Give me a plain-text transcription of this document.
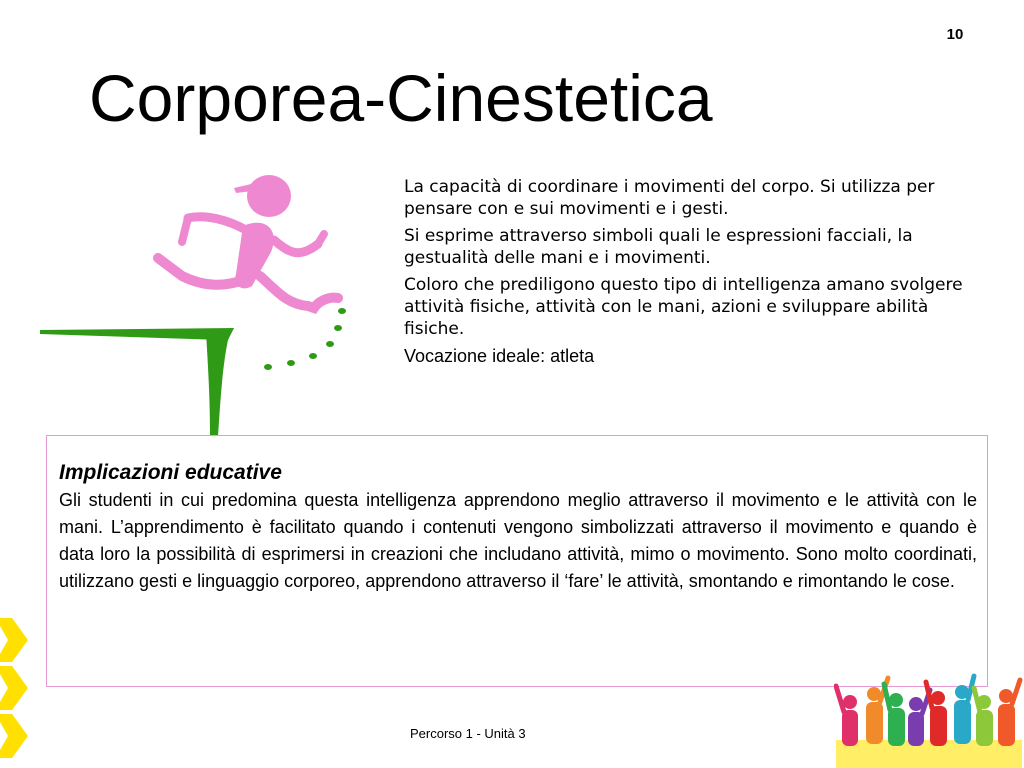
10
Corporea-Cinestetica

La capacità di coordinare i movimenti del corpo. Si utilizza per pensare con e sui movimenti e i gesti.

Si esprime attraverso simboli quali le espressioni facciali, la gestualità delle mani e i movimenti.

Coloro che prediligono questo tipo di intelligenza amano svolgere attività fisiche, attività con le mani, azioni e sviluppare abilità fisiche.

Vocazione ideale: atleta

Implicazioni educative

Gli studenti in cui predomina questa intelligenza apprendono meglio attraverso il movimento e le attività con le mani. L’apprendimento è facilitato quando i contenuti vengono simbolizzati attraverso il movimento e quando è data loro la possibilità di esprimersi in creazioni che includano attività, mimo o movimento. Sono molto coordinati, utilizzano gesti e linguaggio corporeo, apprendono attraverso il ‘fare’ le attività, smontando e rimontando le cose.

Percorso 1 - Unità 3
